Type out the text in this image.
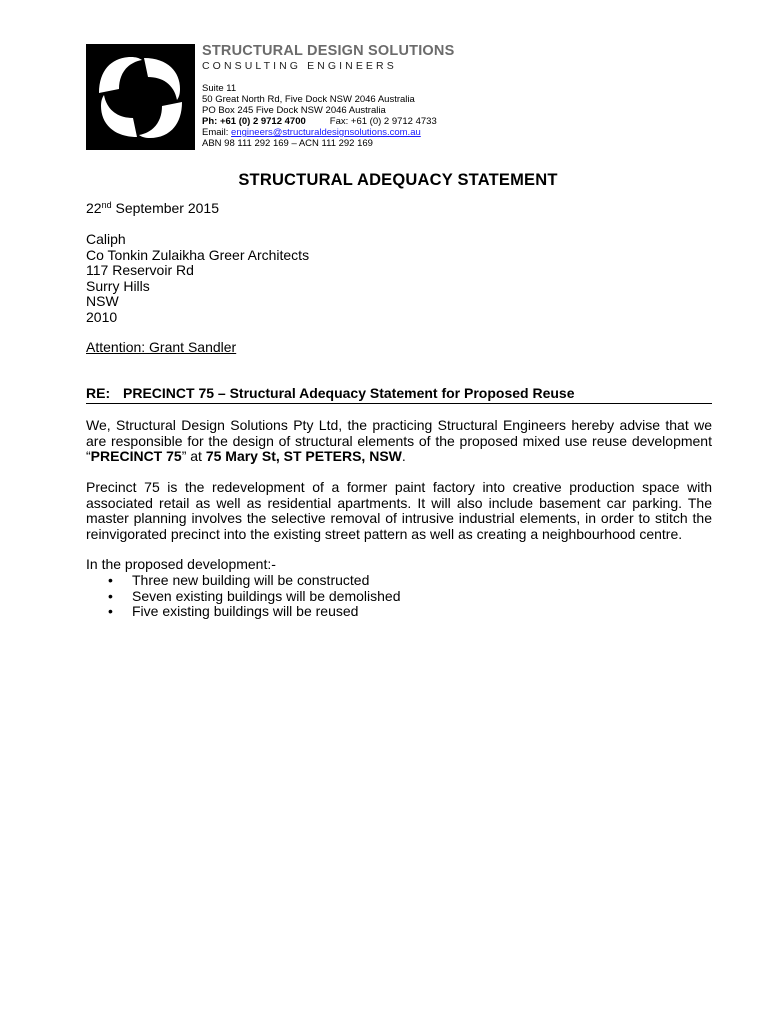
STRUCTURAL DESIGN SOLUTIONS
CONSULTING ENGINEERS
Suite 11
50 Great North Rd, Five Dock NSW 2046 Australia
PO Box 245 Five Dock NSW 2046 Australia
Ph: +61 (0) 2 9712 4700	Fax: +61 (0) 2 9712 4733
Email: engineers@structuraldesignsolutions.com.au
ABN 98 111 292 169 – ACN 111 292 169
STRUCTURAL ADEQUACY STATEMENT
22nd September 2015
Caliph
Co Tonkin Zulaikha Greer Architects
117 Reservoir Rd
Surry Hills
NSW
2010
Attention: Grant Sandler
RE: PRECINCT 75 – Structural Adequacy Statement for Proposed Reuse
We, Structural Design Solutions Pty Ltd, the practicing Structural Engineers hereby advise that we are responsible for the design of structural elements of the proposed mixed use reuse development “PRECINCT 75” at 75 Mary St, ST PETERS, NSW.
Precinct 75 is the redevelopment of a former paint factory into creative production space with associated retail as well as residential apartments. It will also include basement car parking. The master planning involves the selective removal of intrusive industrial elements, in order to stitch the reinvigorated precinct into the existing street pattern as well as creating a neighbourhood centre.
In the proposed development:-
• Three new building will be constructed
• Seven existing buildings will be demolished
• Five existing buildings will be reused
